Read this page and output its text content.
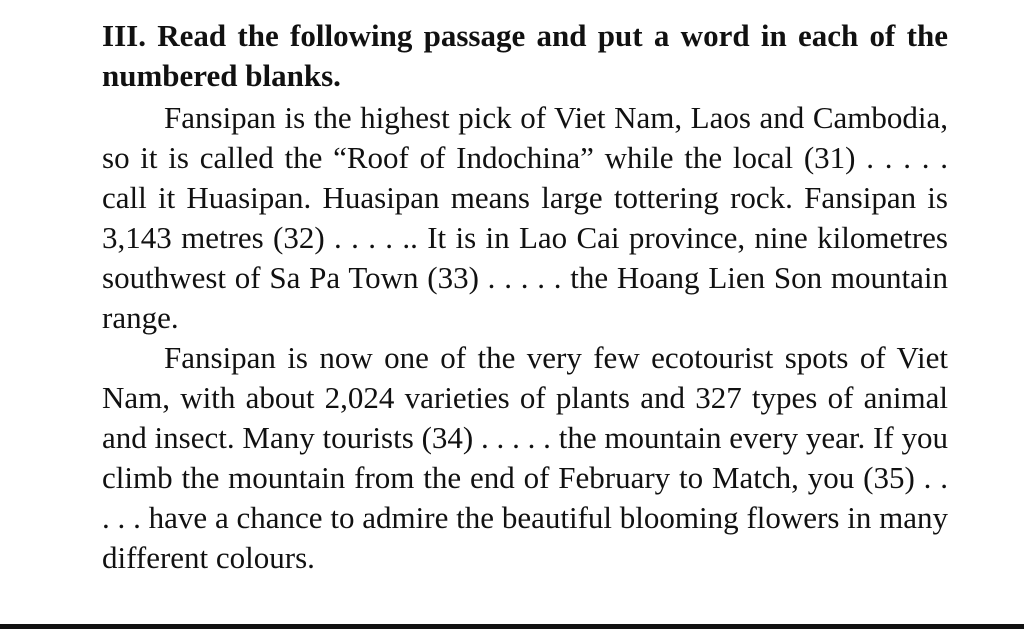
III. Read the following passage and put a word in each of the numbered blanks.

Fansipan is the highest pick of Viet Nam, Laos and Cambodia, so it is called the “Roof of Indochina” while the local (31) . . . . . call it Huasipan. Huasipan means large tottering rock. Fansipan is 3,143 metres (32) . . . . .. It is in Lao Cai province, nine kilometres southwest of Sa Pa Town (33) . . . . . the Hoang Lien Son mountain range.

Fansipan is now one of the very few ecotourist spots of Viet Nam, with about 2,024 varieties of plants and 327 types of animal and insect. Many tourists (34) . . . . . the mountain every year. If you climb the mountain from the end of February to Match, you (35) . . . . . have a chance to admire the beautiful blooming flowers in many different colours.
